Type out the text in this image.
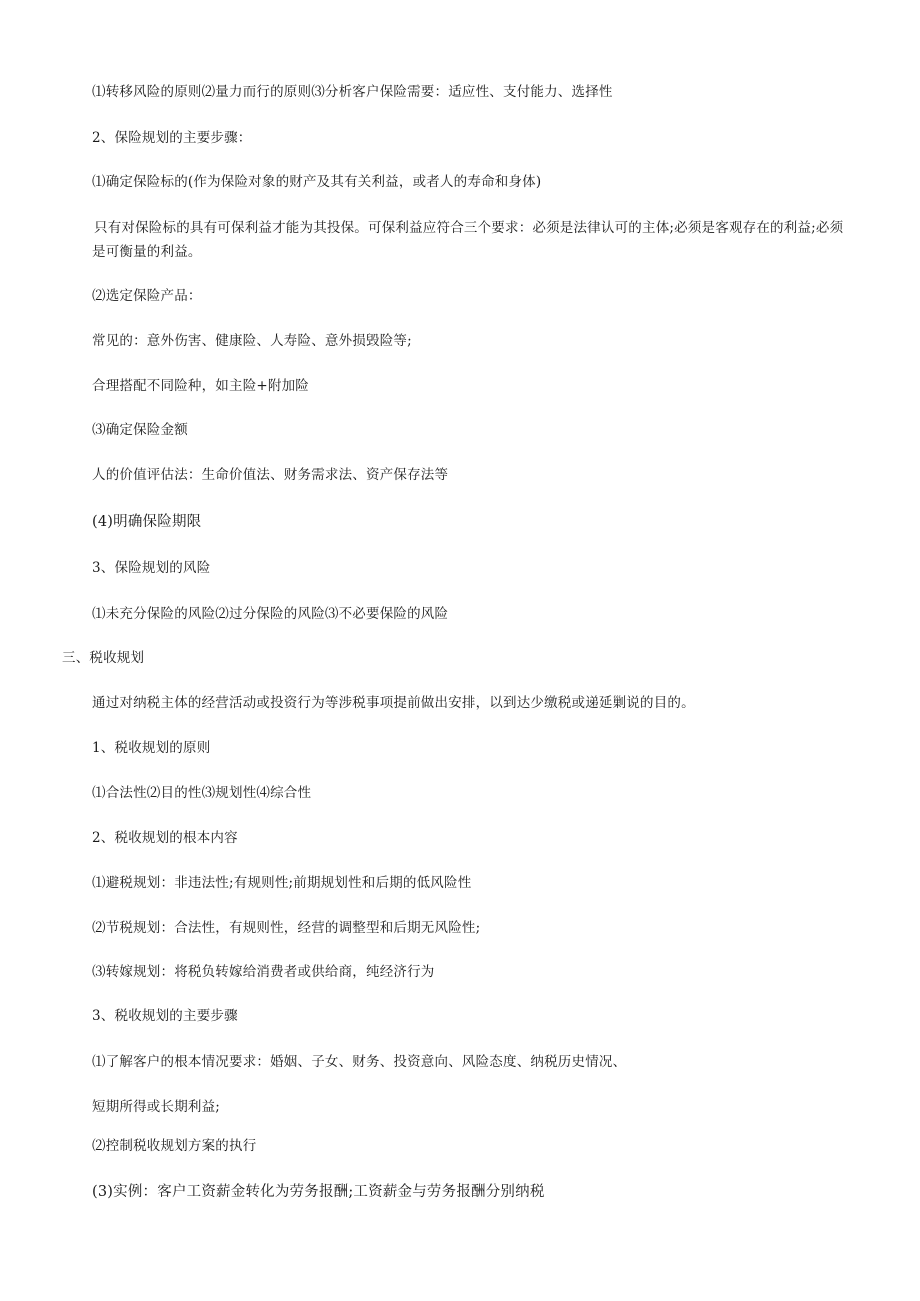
⑴转移风险的原则⑵量力而行的原则⑶分析客户保险需要：适应性、支付能力、选择性

2、保险规划的主要步骤：

⑴确定保险标的(作为保险对象的财产及其有关利益，或者人的寿命和身体)

只有对保险标的具有可保利益才能为其投保。可保利益应符合三个要求：必须是法律认可的主体;必须是客观存在的利益;必须是可衡量的利益。

⑵选定保险产品：

常见的：意外伤害、健康险、人寿险、意外损毁险等;

合理搭配不同险种，如主险+附加险

⑶确定保险金额

人的价值评估法：生命价值法、财务需求法、资产保存法等

(4)明确保险期限

3、保险规划的风险

⑴未充分保险的风险⑵过分保险的风险⑶不必要保险的风险

三、税收规划

通过对纳税主体的经营活动或投资行为等涉税事项提前做出安排，以到达少缴税或递延剿说的目的。

1、税收规划的原则

⑴合法性⑵目的性⑶规划性⑷综合性

2、税收规划的根本内容

⑴避税规划：非违法性;有规则性;前期规划性和后期的低风险性

⑵节税规划：合法性，有规则性，经营的调整型和后期无风险性;

⑶转嫁规划：将税负转嫁给消费者或供给商，纯经济行为

3、税收规划的主要步骤

⑴了解客户的根本情况要求：婚姻、子女、财务、投资意向、风险态度、纳税历史情况、

短期所得或长期利益;

⑵控制税收规划方案的执行

(3)实例：客户工资薪金转化为劳务报酬;工资薪金与劳务报酬分别纳税
